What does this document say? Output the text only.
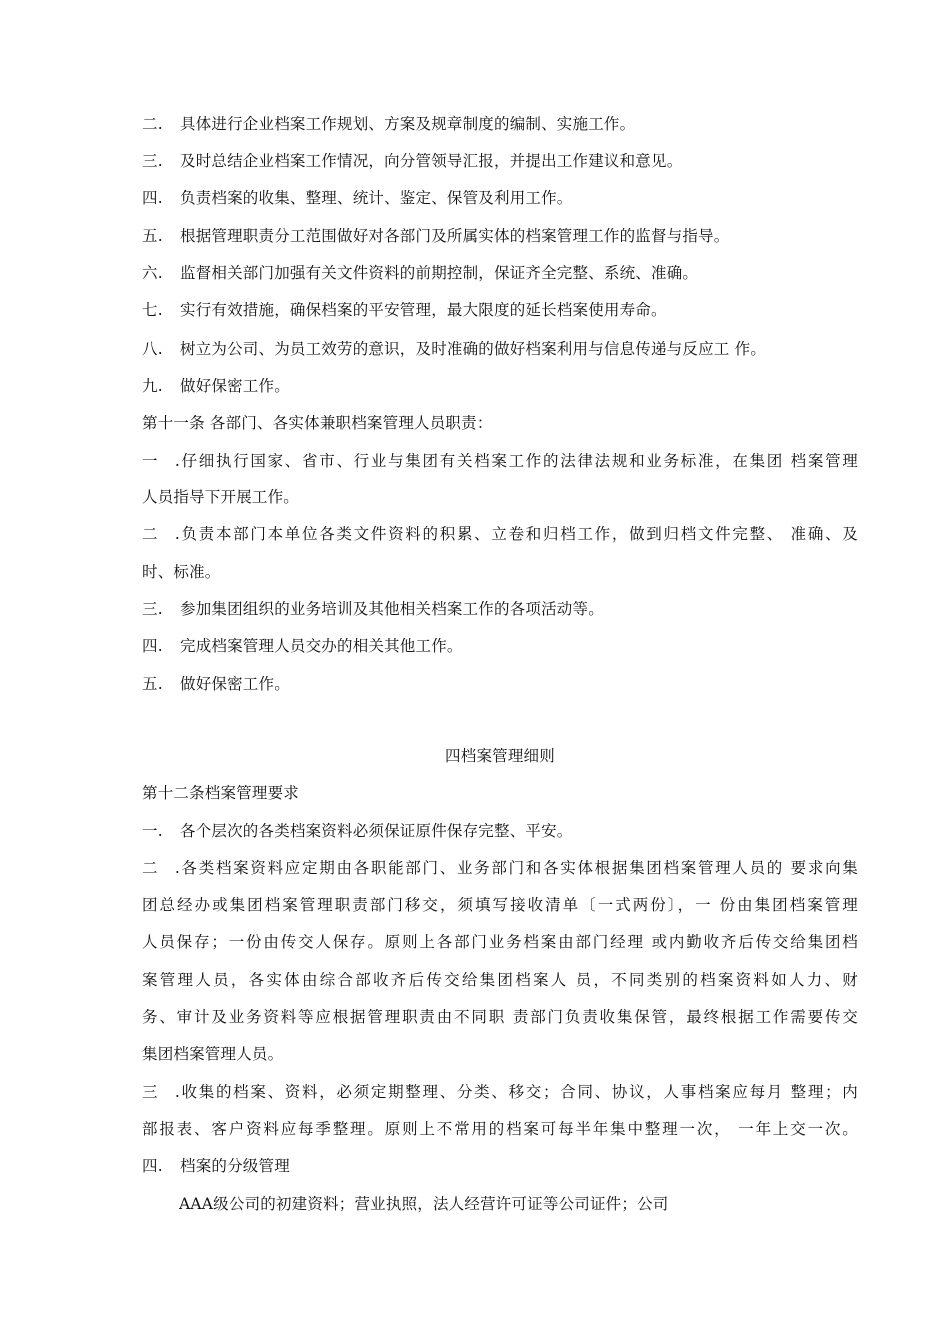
二. 具体进行企业档案工作规划、方案及规章制度的编制、实施工作。
三. 及时总结企业档案工作情况，向分管领导汇报，并提出工作建议和意见。
四. 负责档案的收集、整理、统计、鉴定、保管及利用工作。
五. 根据管理职责分工范围做好对各部门及所属实体的档案管理工作的监督与指导。
六. 监督相关部门加强有关文件资料的前期控制，保证齐全完整、系统、准确。
七. 实行有效措施，确保档案的平安管理，最大限度的延长档案使用寿命。
八. 树立为公司、为员工效劳的意识，及时准确的做好档案利用与信息传递与反应工 作。
九. 做好保密工作。
第十一条 各部门、各实体兼职档案管理人员职责：
一.仔细执行国家、省市、行业与集团有关档案工作的法律法规和业务标准，在集团 档案管理
人员指导下开展工作。
二.负责本部门本单位各类文件资料的积累、立卷和归档工作，做到归档文件完整、 准确、及
时、标准。
三. 参加集团组织的业务培训及其他相关档案工作的各项活动等。
四. 完成档案管理人员交办的相关其他工作。
五. 做好保密工作。
四档案管理细则
第十二条档案管理要求
一. 各个层次的各类档案资料必须保证原件保存完整、平安。
二.各类档案资料应定期由各职能部门、业务部门和各实体根据集团档案管理人员的 要求向集
团总经办或集团档案管理职责部门移交，须填写接收清单〔一式两份〕，一 份由集团档案管理
人员保存；一份由传交人保存。原则上各部门业务档案由部门经理 或内勤收齐后传交给集团档
案管理人员，各实体由综合部收齐后传交给集团档案人 员，不同类别的档案资料如人力、财
务、审计及业务资料等应根据管理职责由不同职 责部门负责收集保管，最终根据工作需要传交
集团档案管理人员。
三.收集的档案、资料，必须定期整理、分类、移交；合同、协议，人事档案应每月 整理；内
部报表、客户资料应每季整理。原则上不常用的档案可每半年集中整理一次， 一年上交一次。
四. 档案的分级管理
AAA级公司的初建资料；营业执照，法人经营许可证等公司证件；公司
